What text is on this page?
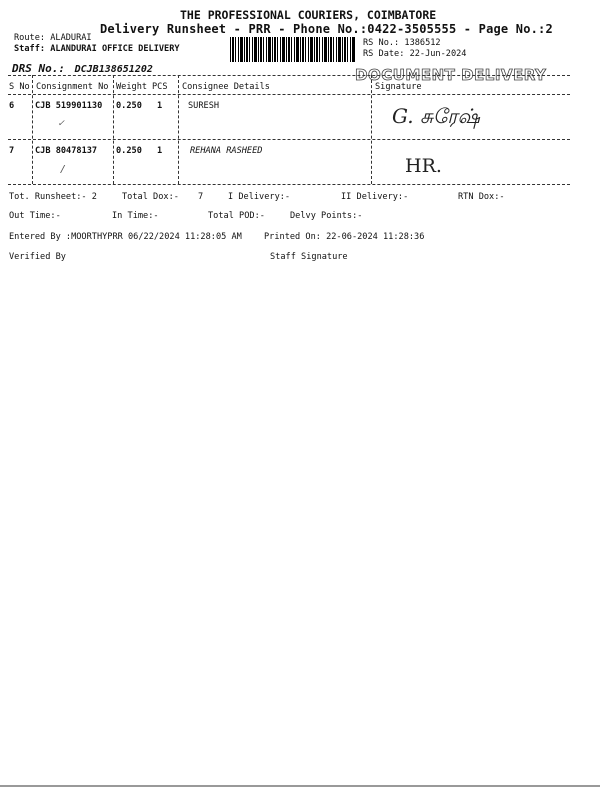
THE PROFESSIONAL COURIERS, COIMBATORE
Delivery Runsheet - PRR - Phone No.:0422-3505555 - Page No.:2
Route: ALADURAI
Staff: ALANDURAI OFFICE DELIVERY
DRS No.: DCJB138651202
RS No.: 1386512
RS Date: 22-Jun-2024
DOCUMENT DELIVERY
S No Consignment No Weight PCS Consignee Details	Signature
6 CJB 519901130 0.250 1	SURESH
✓	G. சுரேஷ்
7 CJB 80478137 0.250 1	REHANA RASHEED
/	HR.
Tot. Runsheet:- 2	Total Dox:- 7	I Delivery:-	II Delivery:-	RTN Dox:-
Out Time:-	In Time:-	Total POD:-	Delvy Points:-
Entered By :MOORTHYPRR 06/22/2024 11:28:05 AM	Printed On: 22-06-2024 11:28:36
Verified By	Staff Signature
